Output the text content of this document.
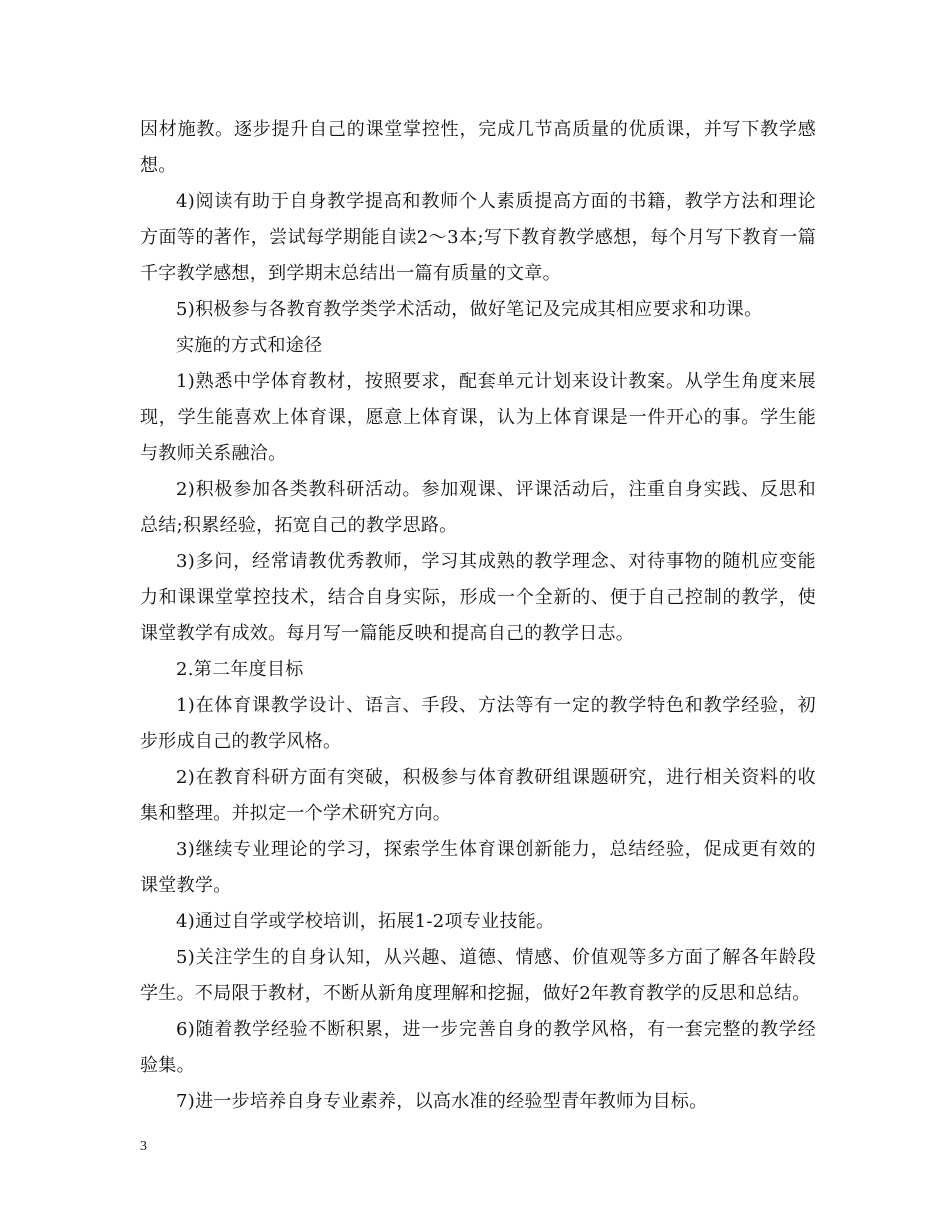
因材施教。逐步提升自己的课堂掌控性，完成几节高质量的优质课，并写下教学感想。

4)阅读有助于自身教学提高和教师个人素质提高方面的书籍，教学方法和理论方面等的著作，尝试每学期能自读2～3本;写下教育教学感想，每个月写下教育一篇千字教学感想，到学期末总结出一篇有质量的文章。

5)积极参与各教育教学类学术活动，做好笔记及完成其相应要求和功课。

实施的方式和途径

1)熟悉中学体育教材，按照要求，配套单元计划来设计教案。从学生角度来展现，学生能喜欢上体育课，愿意上体育课，认为上体育课是一件开心的事。学生能与教师关系融洽。

2)积极参加各类教科研活动。参加观课、评课活动后，注重自身实践、反思和总结;积累经验，拓宽自己的教学思路。

3)多问，经常请教优秀教师，学习其成熟的教学理念、对待事物的随机应变能力和课课堂掌控技术，结合自身实际，形成一个全新的、便于自己控制的教学，使课堂教学有成效。每月写一篇能反映和提高自己的教学日志。

2.第二年度目标

1)在体育课教学设计、语言、手段、方法等有一定的教学特色和教学经验，初步形成自己的教学风格。

2)在教育科研方面有突破，积极参与体育教研组课题研究，进行相关资料的收集和整理。并拟定一个学术研究方向。

3)继续专业理论的学习，探索学生体育课创新能力，总结经验，促成更有效的课堂教学。

4)通过自学或学校培训，拓展1-2项专业技能。

5)关注学生的自身认知，从兴趣、道德、情感、价值观等多方面了解各年龄段学生。不局限于教材，不断从新角度理解和挖掘，做好2年教育教学的反思和总结。

6)随着教学经验不断积累，进一步完善自身的教学风格，有一套完整的教学经验集。

7)进一步培养自身专业素养，以高水准的经验型青年教师为目标。

3
